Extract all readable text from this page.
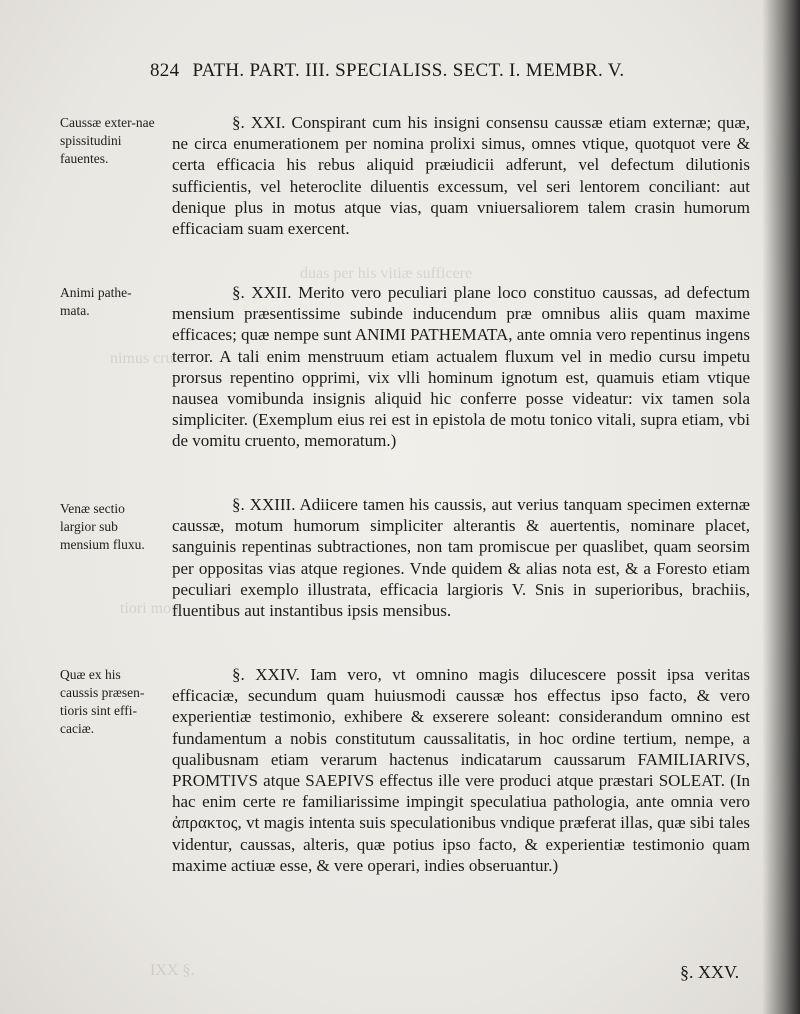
duas per his vitiæ sufficere
nimus cru
tiori mon
IXX §.
824 PATH. PART. III. SPECIALISS. SECT. I. MEMBR. V.
Caussæ exter-nae spissitudini fauentes.
Animi pathe-mata.
Venæ sectio largior sub mensium fluxu.
Quæ ex his caussis præsen-tioris sint effi-caciæ.

§. XXI. Conspirant cum his insigni consensu caussæ etiam externæ; quæ, ne circa enumerationem per nomina prolixi simus, omnes vtique, quotquot vere & certa efficacia his rebus aliquid præiudicii adferunt, vel defectum dilutionis sufficientis, vel heteroclite diluentis excessum, vel seri lentorem conciliant: aut denique plus in motus atque vias, quam vniuersaliorem talem crasin humorum efficaciam suam exercent.

§. XXII. Merito vero peculiari plane loco constituo caussas, ad defectum mensium præsentissime subinde inducendum præ omnibus aliis quam maxime efficaces; quæ nempe sunt ANIMI PATHEMATA, ante omnia vero repentinus ingens terror. A tali enim menstruum etiam actualem fluxum vel in medio cursu impetu prorsus repentino opprimi, vix vlli hominum ignotum est, quamuis etiam vtique nausea vomibunda insignis aliquid hic conferre posse videatur: vix tamen sola simpliciter. (Exemplum eius rei est in epistola de motu tonico vitali, supra etiam, vbi de vomitu cruento, memoratum.)

§. XXIII. Adiicere tamen his caussis, aut verius tanquam specimen externæ caussæ, motum humorum simpliciter alterantis & auertentis, nominare placet, sanguinis repentinas subtractiones, non tam promiscue per quaslibet, quam seorsim per oppositas vias atque regiones. Vnde quidem & alias nota est, & a Foresto etiam peculiari exemplo illustrata, efficacia largioris V. Snis in superioribus, brachiis, fluentibus aut instantibus ipsis mensibus.

§. XXIV. Iam vero, vt omnino magis dilucescere possit ipsa veritas efficaciæ, secundum quam huiusmodi caussæ hos effectus ipso facto, & vero experientiæ testimonio, exhibere & exserere soleant: considerandum omnino est fundamentum a nobis constitutum caussalitatis, in hoc ordine tertium, nempe, a qualibusnam etiam verarum hactenus indicatarum caussarum FAMILIARIVS, PROMTIVS atque SAEPIVS effectus ille vere produci atque præstari SOLEAT. (In hac enim certe re familiarissime impingit speculatiua pathologia, ante omnia vero ἀπρακτος, vt magis intenta suis speculationibus vndique præferat illas, quæ sibi tales videntur, caussas, alteris, quæ potius ipso facto, & experientiæ testimonio quam maxime actiuæ esse, & vere operari, indies obseruantur.)

§. XXV.
